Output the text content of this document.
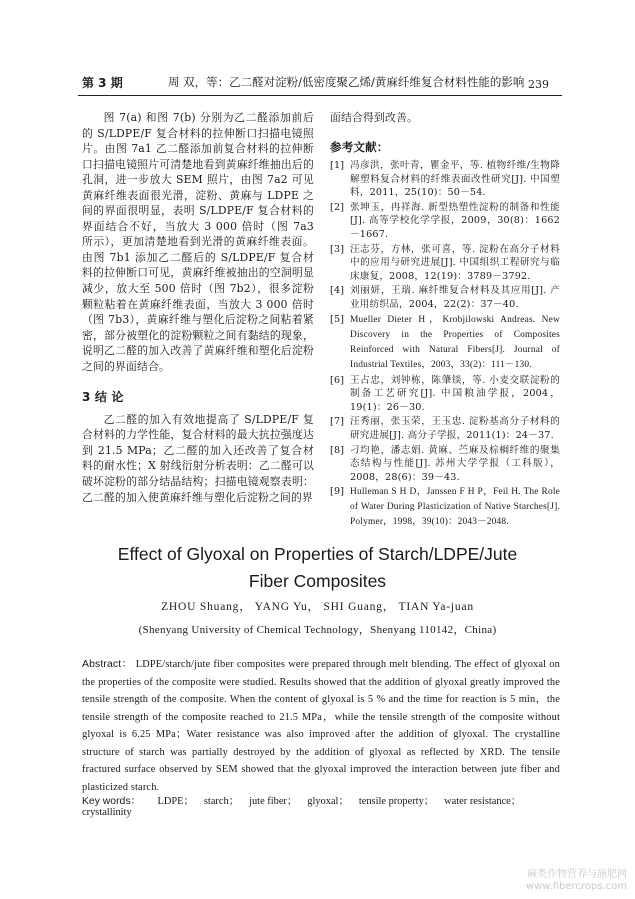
第 3 期	周 双，等：乙二醛对淀粉/低密度聚乙烯/黄麻纤维复合材料性能的影响 239

图 7(a) 和图 7(b) 分别为乙二醛添加前后的 S/LDPE/F 复合材料的拉伸断口扫描电镜照片。由图 7a1 乙二醛添加前复合材料的拉伸断口扫描电镜照片可清楚地看到黄麻纤维抽出后的孔洞，进一步放大 SEM 照片，由图 7a2 可见黄麻纤维表面很光滑，淀粉、黄麻与 LDPE 之间的界面很明显，表明 S/LDPE/F 复合材料的界面结合不好，当放大 3 000 倍时（图 7a3 所示），更加清楚地看到光滑的黄麻纤维表面。由图 7b1 添加乙二醛后的 S/LDPE/F 复合材料的拉伸断口可见，黄麻纤维被抽出的空洞明显减少，放大至 500 倍时（图 7b2），很多淀粉颗粒粘着在黄麻纤维表面，当放大 3 000 倍时（图 7b3），黄麻纤维与塑化后淀粉之间粘着紧密，部分被塑化的淀粉颗粒之间有黏结的现象，说明乙二醛的加入改善了黄麻纤维和塑化后淀粉之间的界面结合。

3 结 论

乙二醛的加入有效地提高了 S/LDPE/F 复合材料的力学性能，复合材料的最大抗拉强度达到 21.5 MPa；乙二醛的加入还改善了复合材料的耐水性；X 射线衍射分析表明：乙二醛可以破坏淀粉的部分结晶结构；扫描电镜观察表明：乙二醛的加入使黄麻纤维与塑化后淀粉之间的界

面结合得到改善。

参考文献：
[1] 冯彦洪，张叶青，瞿金平，等. 植物纤维/生物降解塑料复合材料的纤维表面改性研究[J]. 中国塑料，2011，25(10)：50－54.
[2] 张坤玉，冉祥海. 新型热塑性淀粉的制备和性能[J]. 高等学校化学学报，2009，30(8)：1662－1667.
[3] 汪志芬，方林，张可喜，等. 淀粉在高分子材料中的应用与研究进展[J]. 中国组织工程研究与临床康复，2008，12(19)：3789－3792.
[4] 刘丽妍，王瑞. 麻纤维复合材料及其应用[J]. 产业用纺织品，2004，22(2)：37－40.
[5] Mueller Dieter H，Krobjilowski Andreas. New Discovery in the Properties of Composites Reinforced with Natural Fibers[J]. Journal of Industrial Textiles，2003，33(2)：111－130.
[6] 王占忠，刘钟栋，陈肇锬，等. 小麦交联淀粉的制备工艺研究[J]. 中国粮油学报，2004，19(1)：26－30.
[7] 汪秀丽，张玉荣，王玉忠. 淀粉基高分子材料的研究进展[J]. 高分子学报，2011(1)：24－37.
[8] 刁均艳，潘志娟. 黄麻、苎麻及棕榈纤维的聚集态结构与性能[J]. 苏州大学学报（工科版），2008，28(6)：39－43.
[9] Hulleman S H D，Janssen F H P，Feil H. The Role of Water During Plasticization of Native Starches[J]. Polymer，1998，39(10)：2043－2048.
Effect of Glyoxal on Properties of Starch/LDPE/Jute
Fiber Composites
ZHOU Shuang， YANG Yu， SHI Guang， TIAN Ya-juan
(Shenyang University of Chemical Technology，Shenyang 110142，China)
Abstract： LDPE/starch/jute fiber composites were prepared through melt blending. The effect of glyoxal on the properties of the composite were studied. Results showed that the addition of glyoxal greatly improved the tensile strength of the composite. When the content of glyoxal is 5 % and the time for reaction is 5 min，the tensile strength of the composite reached to 21.5 MPa，while the tensile strength of the composite without glyoxal is 6.25 MPa；Water resistance was also improved after the addition of glyoxal. The crystalline structure of starch was partially destroyed by the addition of glyoxal as reflected by XRD. The tensile fractured surface observed by SEM showed that the glyoxal improved the interaction between jute fiber and plasticized starch.
Key words： LDPE； starch； jute fiber； glyoxal； tensile property； water resistance；crystallinity
麻类作物营养与施肥网
www.fibercrops.com
